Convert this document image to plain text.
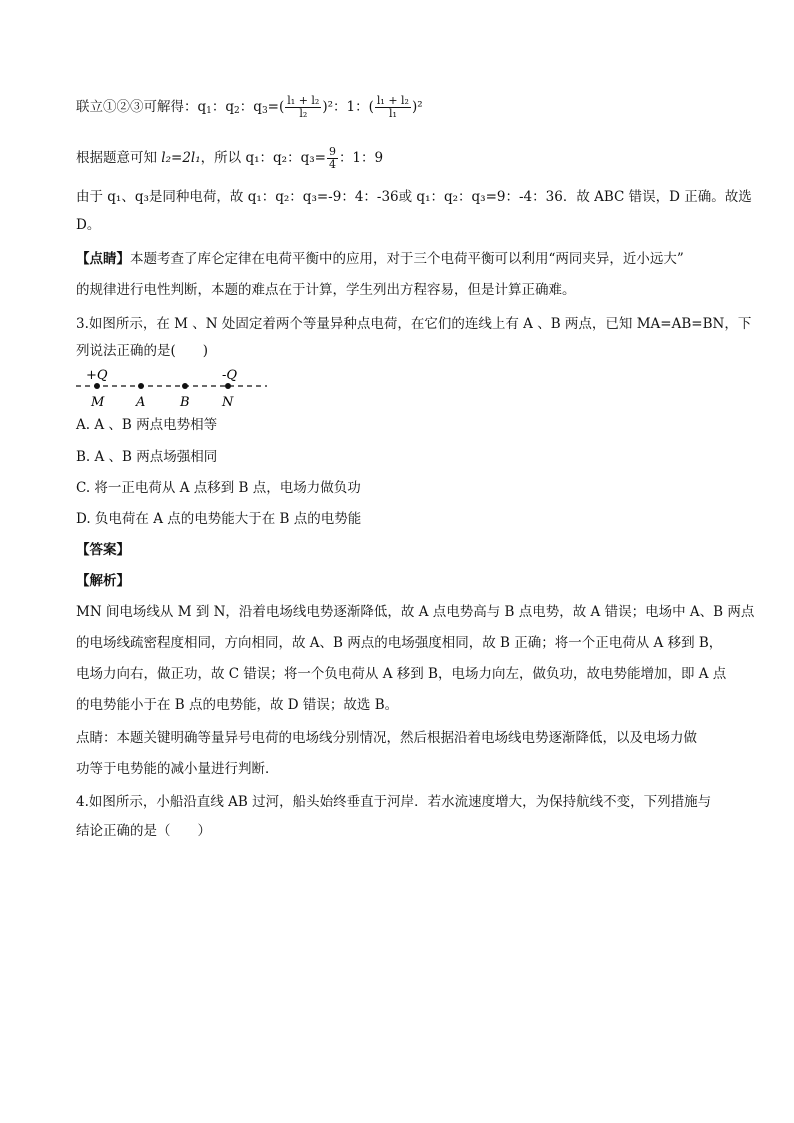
联立①②③可解得：$q_1$：$q_2$：$q_3=( \frac{\text{l₁ + l₂}}{\text{l₂}} )^2$：1：( $\frac{\text{l₁ + l₂}}{\text{l₁}} )^2$
根据题意可知 l₂=2l₁，所以 q₁：q₂：$q_3= \frac{9}{4}$ ：1：9
由于 q₁、q₃是同种电荷，故 q₁：q₂：q₃=-9：4：-36或 q₁：q₂：q₃=9：-4：36．故 ABC 错误，D 正确。故选
D。
【点睛】本题考查了库仑定律在电荷平衡中的应用，对于三个电荷平衡可以利用“两同夹异，近小远大”
的规律进行电性判断，本题的难点在于计算，学生列出方程容易，但是计算正确难。
3.如图所示，在 M 、N 处固定着两个等量异种点电荷，在它们的连线上有 A 、B 两点，已知 MA=AB=BN，下
列说法正确的是(　　)
+Q	-Q
M A	B N
A. A 、B 两点电势相等
B. A 、B 两点场强相同
C. 将一正电荷从 A 点移到 B 点，电场力做负功
D. 负电荷在 A 点的电势能大于在 B 点的电势能
【答案】
【解析】
MN 间电场线从 M 到 N，沿着电场线电势逐渐降低，故 A 点电势高与 B 点电势，故 A 错误；电场中 A、B 两点
的电场线疏密程度相同，方向相同，故 A、B 两点的电场强度相同，故 B 正确；将一个正电荷从 A 移到 B，
电场力向右，做正功，故 C 错误；将一个负电荷从 A 移到 B，电场力向左，做负功，故电势能增加，即 A 点
的电势能小于在 B 点的电势能，故 D 错误；故选 B。
点睛：本题关键明确等量异号电荷的电场线分别情况，然后根据沿着电场线电势逐渐降低，以及电场力做
功等于电势能的减小量进行判断．
4.如图所示，小船沿直线 AB 过河，船头始终垂直于河岸．若水流速度增大，为保持航线不变，下列措施与
结论正确的是（　　）
